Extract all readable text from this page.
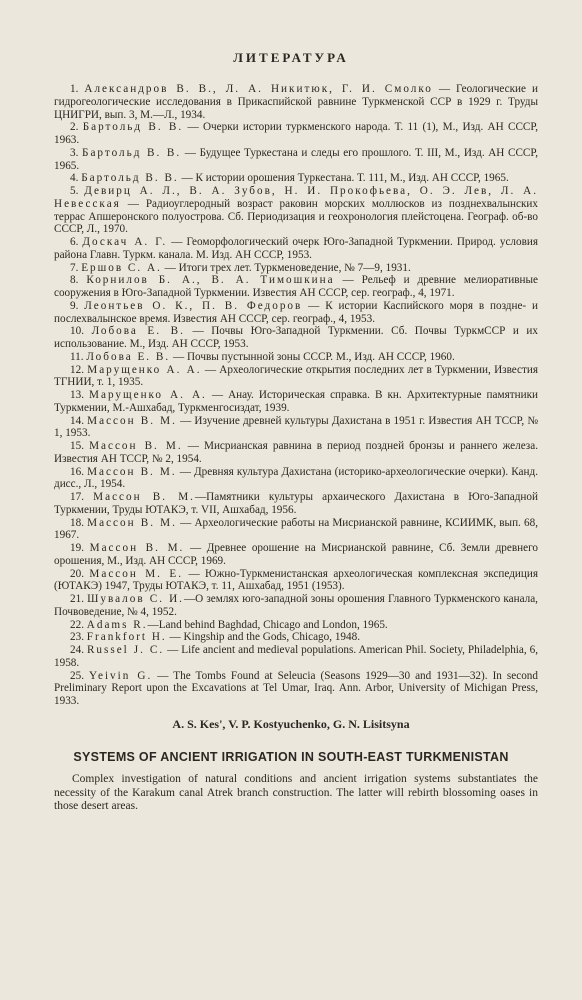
ЛИТЕРАТУРА

1. Александров В. В., Л. А. Никитюк, Г. И. Смолко — Геологические и гидрогеологические исследования в Прикаспийской равнине Туркменской ССР в 1929 г. Труды ЦНИГРИ, вып. 3, М.—Л., 1934.

2. Бартольд В. В. — Очерки истории туркменского народа. Т. 11 (1), М., Изд. АН СССР, 1963.

3. Бартольд В. В. — Будущее Туркестана и следы его прошлого. Т. III, М., Изд. АН СССР, 1965.

4. Бартольд В. В. — К истории орошения Туркестана. Т. 111, М., Изд. АН СССР, 1965.

5. Девирц А. Л., В. А. Зубов, Н. И. Прокофьева, О. Э. Лев, Л. А. Невесская — Радиоуглеродный возраст раковин морских моллюсков из позднехвалынских террас Апшеронского полуострова. Сб. Периодизация и геохронология плейстоцена. Географ. об-во СССР, Л., 1970.

6. Доскач А. Г. — Геоморфологический очерк Юго-Западной Туркмении. Природ. условия района Главн. Туркм. канала. М. Изд. АН СССР, 1953.

7. Ершов С. А. — Итоги трех лет. Туркменоведение, № 7—9, 1931.

8. Корнилов Б. А., В. А. Тимошкина — Рельеф и древние мелиоративные сооружения в Юго-Западной Туркмении. Известия АН СССР, сер. географ., 4, 1971.

9. Леонтьев О. К., П. В. Федоров — К истории Каспийского моря в поздне- и послехвалынское время. Известия АН СССР, сер. географ., 4, 1953.

10. Лобова Е. В. — Почвы Юго-Западной Туркмении. Сб. Почвы ТуркмССР и их использование. М., Изд. АН СССР, 1953.

11. Лобова Е. В. — Почвы пустынной зоны СССР. М., Изд. АН СССР, 1960.

12. Марущенко А. А. — Археологические открытия последних лет в Туркмении, Известия ТГНИИ, т. 1, 1935.

13. Марущенко А. А. — Анау. Историческая справка. В кн. Архитектурные памятники Туркмении, М.-Ашхабад, Туркменгосиздат, 1939.

14. Массон В. М. — Изучение древней культуры Дахистана в 1951 г. Известия АН ТССР, № 1, 1953.

15. Массон В. М. — Мисрианская равнина в период поздней бронзы и раннего железа. Известия АН ТССР, № 2, 1954.

16. Массон В. М. — Древняя культура Дахистана (историко-археологические очерки). Канд. дисс., Л., 1954.

17. Массон В. М.—Памятники культуры архаического Дахистана в Юго-Западной Туркмении, Труды ЮТАКЭ, т. VII, Ашхабад, 1956.

18. Массон В. М. — Археологические работы на Мисрианской равнине, КСИИМК, вып. 68, 1967.

19. Массон В. М. — Древнее орошение на Мисрианской равнине, Сб. Земли древнего орошения, М., Изд. АН СССР, 1969.

20. Массон М. Е. — Южно-Туркменистанская археологическая комплексная экспедиция (ЮТАКЭ) 1947, Труды ЮТАКЭ, т. 11, Ашхабад, 1951 (1953).

21. Шувалов С. И.—О землях юго-западной зоны орошения Главного Туркменского канала, Почвоведение, № 4, 1952.

22. Adams R.—Land behind Baghdad, Chicago and London, 1965.

23. Frankfort H. — Kingship and the Gods, Chicago, 1948.

24. Russel J. C. — Life ancient and medieval populations. American Phil. Society, Philadelphia, 6, 1958.

25. Yeivin G. — The Tombs Found at Seleucia (Seasons 1929—30 and 1931—32). In second Preliminary Report upon the Excavations at Tel Umar, Iraq. Ann. Arbor, University of Michigan Press, 1933.

A. S. Kes', V. P. Kostyuchenko, G. N. Lisitsyna
SYSTEMS OF ANCIENT IRRIGATION IN SOUTH-EAST TURKMENISTAN

Complex investigation of natural conditions and ancient irrigation systems substantiates the necessity of the Karakum canal Atrek branch construction. The latter will rebirth blossoming oases in those desert areas.
